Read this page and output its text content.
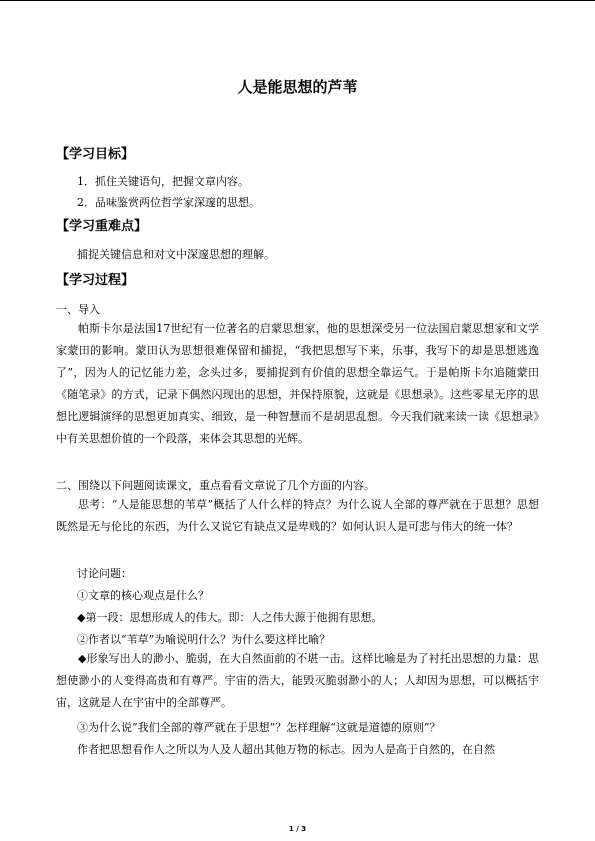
人是能思想的芦苇
【学习目标】
1．抓住关键语句，把握文章内容。
2．品味鉴赏两位哲学家深邃的思想。
【学习重难点】
捕捉关键信息和对文中深邃思想的理解。
【学习过程】
一、导入
帕斯卡尔是法国17世纪有一位著名的启蒙思想家，他的思想深受另一位法国启蒙思想家和文学家蒙田的影响。蒙田认为思想很难保留和捕捉，“我把思想写下来，乐事，我写下的却是思想逃逸了”，因为人的记忆能力差，念头过多，要捕捉到有价值的思想全靠运气。于是帕斯卡尔追随蒙田《随笔录》的方式，记录下偶然闪现出的思想，并保持原貌，这就是《思想录》。这些零星无序的思想比逻辑演绎的思想更加真实、细致，是一种智慧而不是胡思乱想。今天我们就来读一读《思想录》中有关思想价值的一个段落，来体会其思想的光辉。
二、围绕以下问题阅读课文，重点看看文章说了几个方面的内容。
思考：“人是能思想的苇草”概括了人什么样的特点？为什么说人全部的尊严就在于思想？思想既然是无与伦比的东西，为什么又说它有缺点又是卑贱的？如何认识人是可悲与伟大的统一体？
讨论问题：
①文章的核心观点是什么？
◆第一段：思想形成人的伟大。即：人之伟大源于他拥有思想。
②作者以“苇草”为喻说明什么？为什么要这样比喻？
◆形象写出人的渺小、脆弱，在大自然面前的不堪一击。这样比喻是为了衬托出思想的力量：思想使渺小的人变得高贵和有尊严。宇宙的浩大，能毁灭脆弱渺小的人；人却因为思想，可以概括宇宙，这就是人在宇宙中的全部尊严。
③为什么说“我们全部的尊严就在于思想”？怎样理解“这就是道德的原则”？
作者把思想看作人之所以为人及人超出其他万物的标志。因为人是高于自然的，在自然
1 / 3
